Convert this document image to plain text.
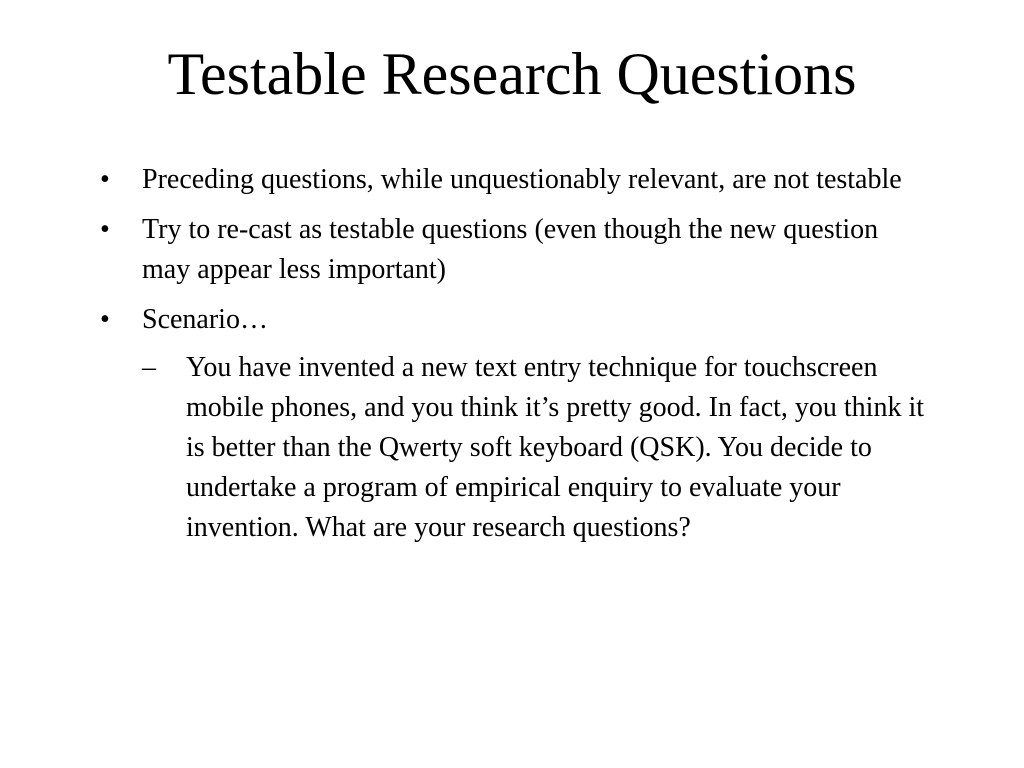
Testable Research Questions
•	Preceding questions, while unquestionably relevant, are not testable
•	Try to re-cast as testable questions (even though the new question may appear less important)
•	Scenario…
–	You have invented a new text entry technique for touchscreen mobile phones, and you think it’s pretty good. In fact, you think it is better than the Qwerty soft keyboard (QSK). You decide to undertake a program of empirical enquiry to evaluate your invention. What are your research questions?
